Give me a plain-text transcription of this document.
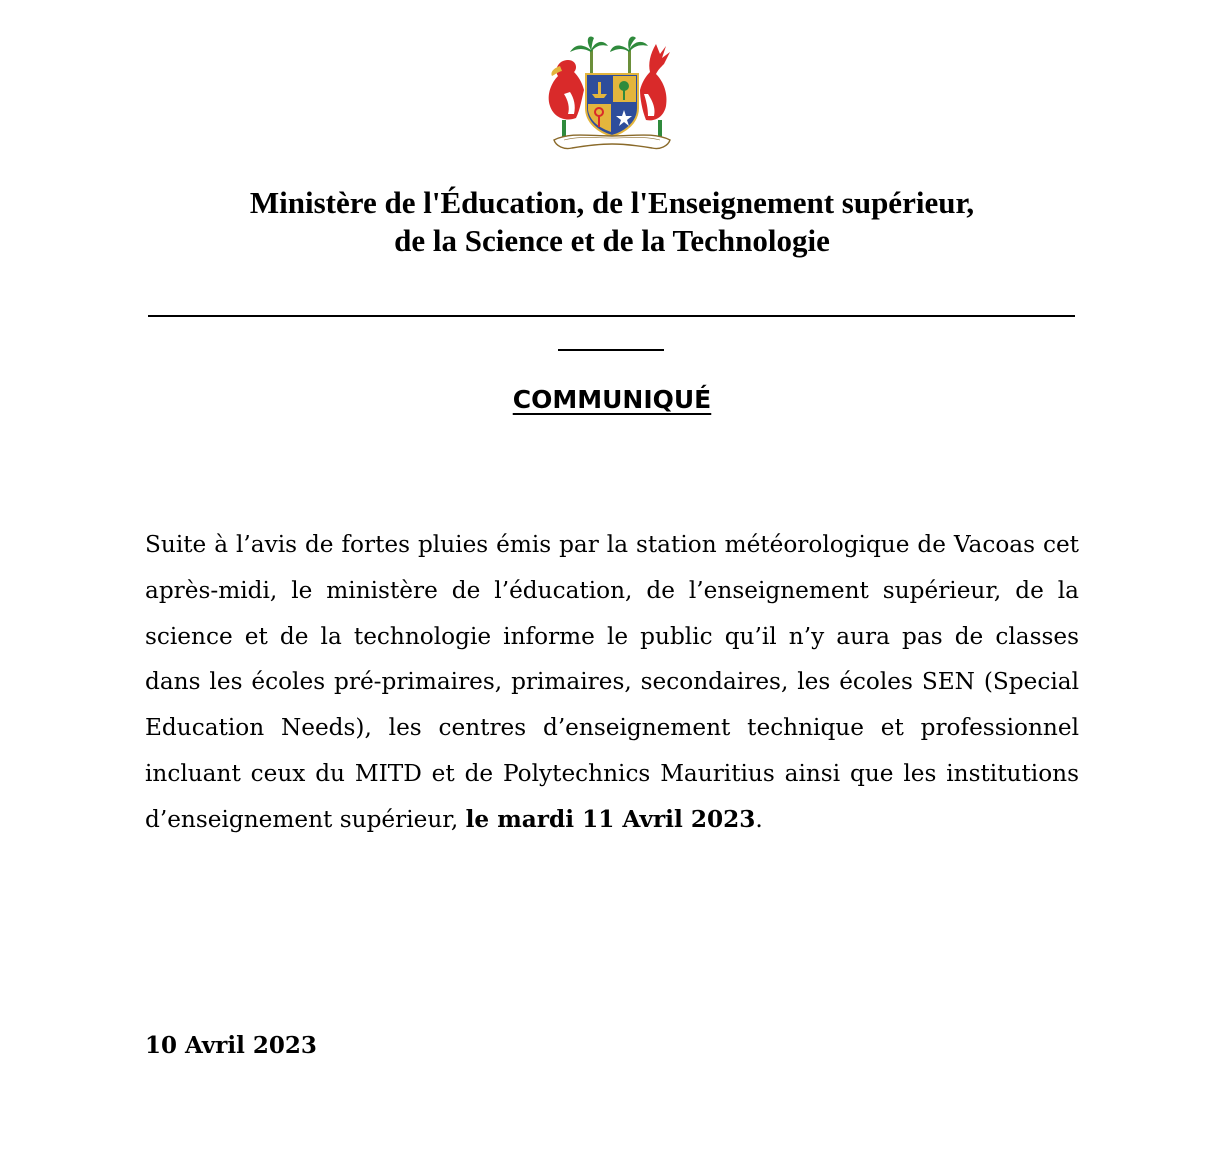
Ministère de l'Éducation, de l'Enseignement supérieur,
de la Science et de la Technologie
COMMUNIQUÉ
Suite à l’avis de fortes pluies émis par la station météorologique de Vacoas cet après-midi, le ministère de l’éducation, de l’enseignement supérieur, de la science et de la technologie informe le public qu’il n’y aura pas de classes dans les écoles pré-primaires, primaires, secondaires, les écoles SEN (Special Education Needs), les centres d’enseignement technique et professionnel incluant ceux du MITD et de Polytechnics Mauritius ainsi que les institutions d’enseignement supérieur, le mardi 11 Avril 2023.
10 Avril 2023
